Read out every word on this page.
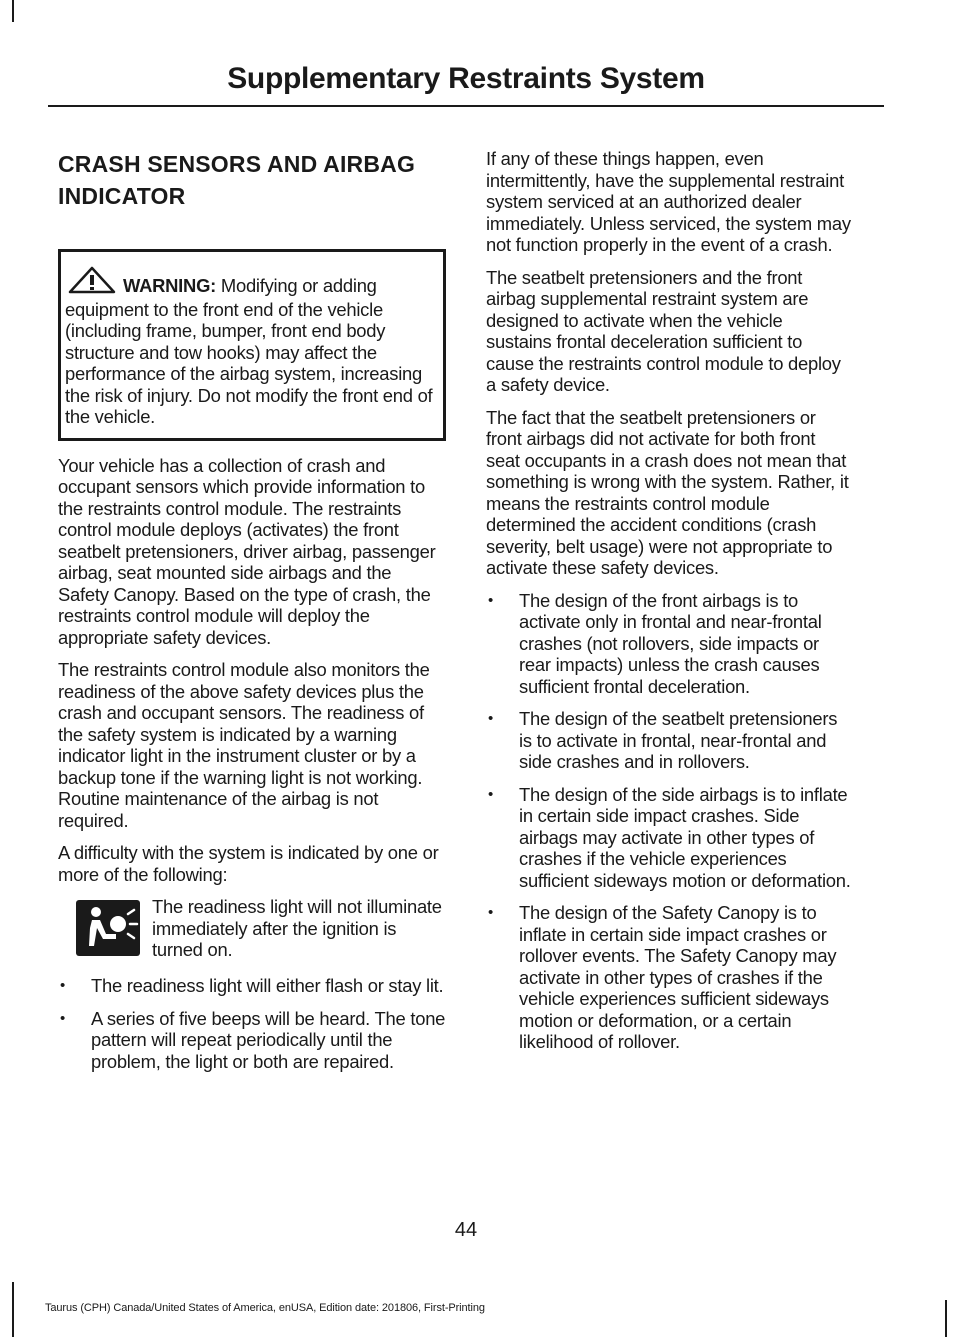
Supplementary Restraints System
CRASH SENSORS AND AIRBAG INDICATOR
WARNING: Modifying or adding equipment to the front end of the vehicle (including frame, bumper, front end body structure and tow hooks) may affect the performance of the airbag system, increasing the risk of injury. Do not modify the front end of the vehicle.

Your vehicle has a collection of crash and occupant sensors which provide information to the restraints control module. The restraints control module deploys (activates) the front seatbelt pretensioners, driver airbag, passenger airbag, seat mounted side airbags and the Safety Canopy. Based on the type of crash, the restraints control module will deploy the appropriate safety devices.

The restraints control module also monitors the readiness of the above safety devices plus the crash and occupant sensors. The readiness of the safety system is indicated by a warning indicator light in the instrument cluster or by a backup tone if the warning light is not working. Routine maintenance of the airbag is not required.

A difficulty with the system is indicated by one or more of the following:

The readiness light will not illuminate immediately after the ignition is turned on.
• The readiness light will either flash or stay lit.
• A series of five beeps will be heard. The tone pattern will repeat periodically until the problem, the light or both are repaired.

If any of these things happen, even intermittently, have the supplemental restraint system serviced at an authorized dealer immediately. Unless serviced, the system may not function properly in the event of a crash.

The seatbelt pretensioners and the front airbag supplemental restraint system are designed to activate when the vehicle sustains frontal deceleration sufficient to cause the restraints control module to deploy a safety device.

The fact that the seatbelt pretensioners or front airbags did not activate for both front seat occupants in a crash does not mean that something is wrong with the system. Rather, it means the restraints control module determined the accident conditions (crash severity, belt usage) were not appropriate to activate these safety devices.

• The design of the front airbags is to activate only in frontal and near-frontal crashes (not rollovers, side impacts or rear impacts) unless the crash causes sufficient frontal deceleration.
• The design of the seatbelt pretensioners is to activate in frontal, near-frontal and side crashes and in rollovers.
• The design of the side airbags is to inflate in certain side impact crashes. Side airbags may activate in other types of crashes if the vehicle experiences sufficient sideways motion or deformation.
• The design of the Safety Canopy is to inflate in certain side impact crashes or rollover events. The Safety Canopy may activate in other types of crashes if the vehicle experiences sufficient sideways motion or deformation, or a certain likelihood of rollover.
44
Taurus (CPH) Canada/United States of America, enUSA, Edition date: 201806, First-Printing
